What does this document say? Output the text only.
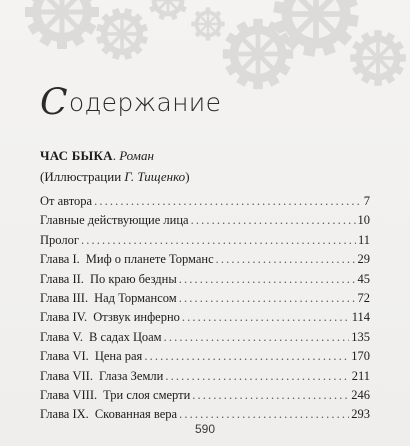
Содержание
ЧАС БЫКА. Роман
(Иллюстрации Г. Тищенко)
От автора . . .	7
Главные действующие лица . . .	10
Пролог . . .	11
Глава I. Миф о планете Торманс . . .	29
Глава II. По краю бездны . . .	45
Глава III. Над Тормансом . . .	72
Глава IV. Отзвук инферно . . .	114
Глава V. В садах Цоам . . .	135
Глава VI. Цена рая . . .	170
Глава VII. Глаза Земли . . .	211
Глава VIII. Три слоя смерти . . .	246
Глава IX. Скованная вера . . .	293
590
